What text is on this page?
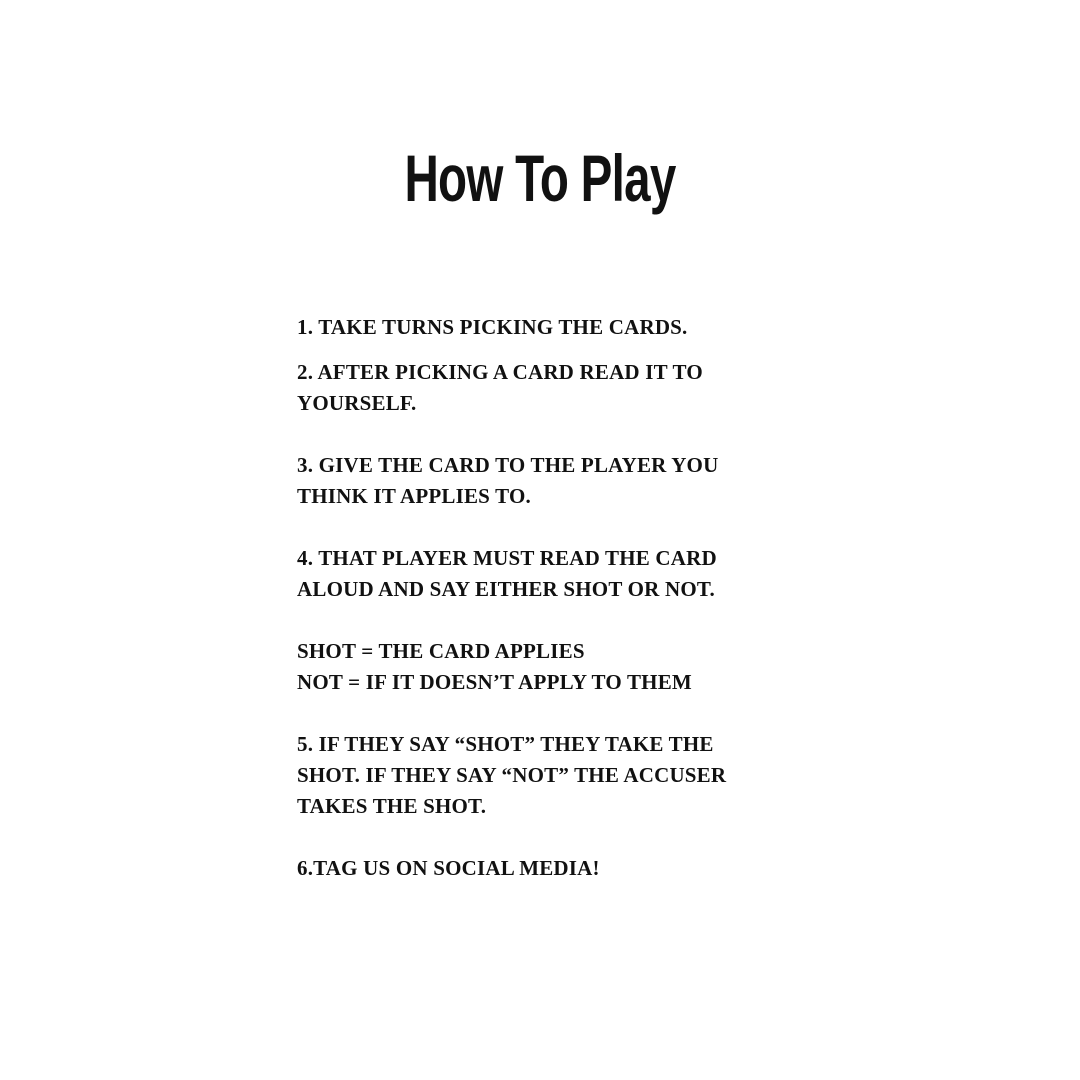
How To Play
1. TAKE TURNS PICKING THE CARDS.
2. AFTER PICKING A CARD READ IT TO
YOURSELF.
3. GIVE THE CARD TO THE PLAYER YOU
THINK IT APPLIES TO.
4. THAT PLAYER MUST READ THE CARD
ALOUD AND SAY EITHER SHOT OR NOT.
SHOT = THE CARD APPLIES
NOT = IF IT DOESN’T APPLY TO THEM
5. IF THEY SAY “SHOT” THEY TAKE THE
SHOT. IF THEY SAY “NOT” THE ACCUSER
TAKES THE SHOT.
6.TAG US ON SOCIAL MEDIA!
